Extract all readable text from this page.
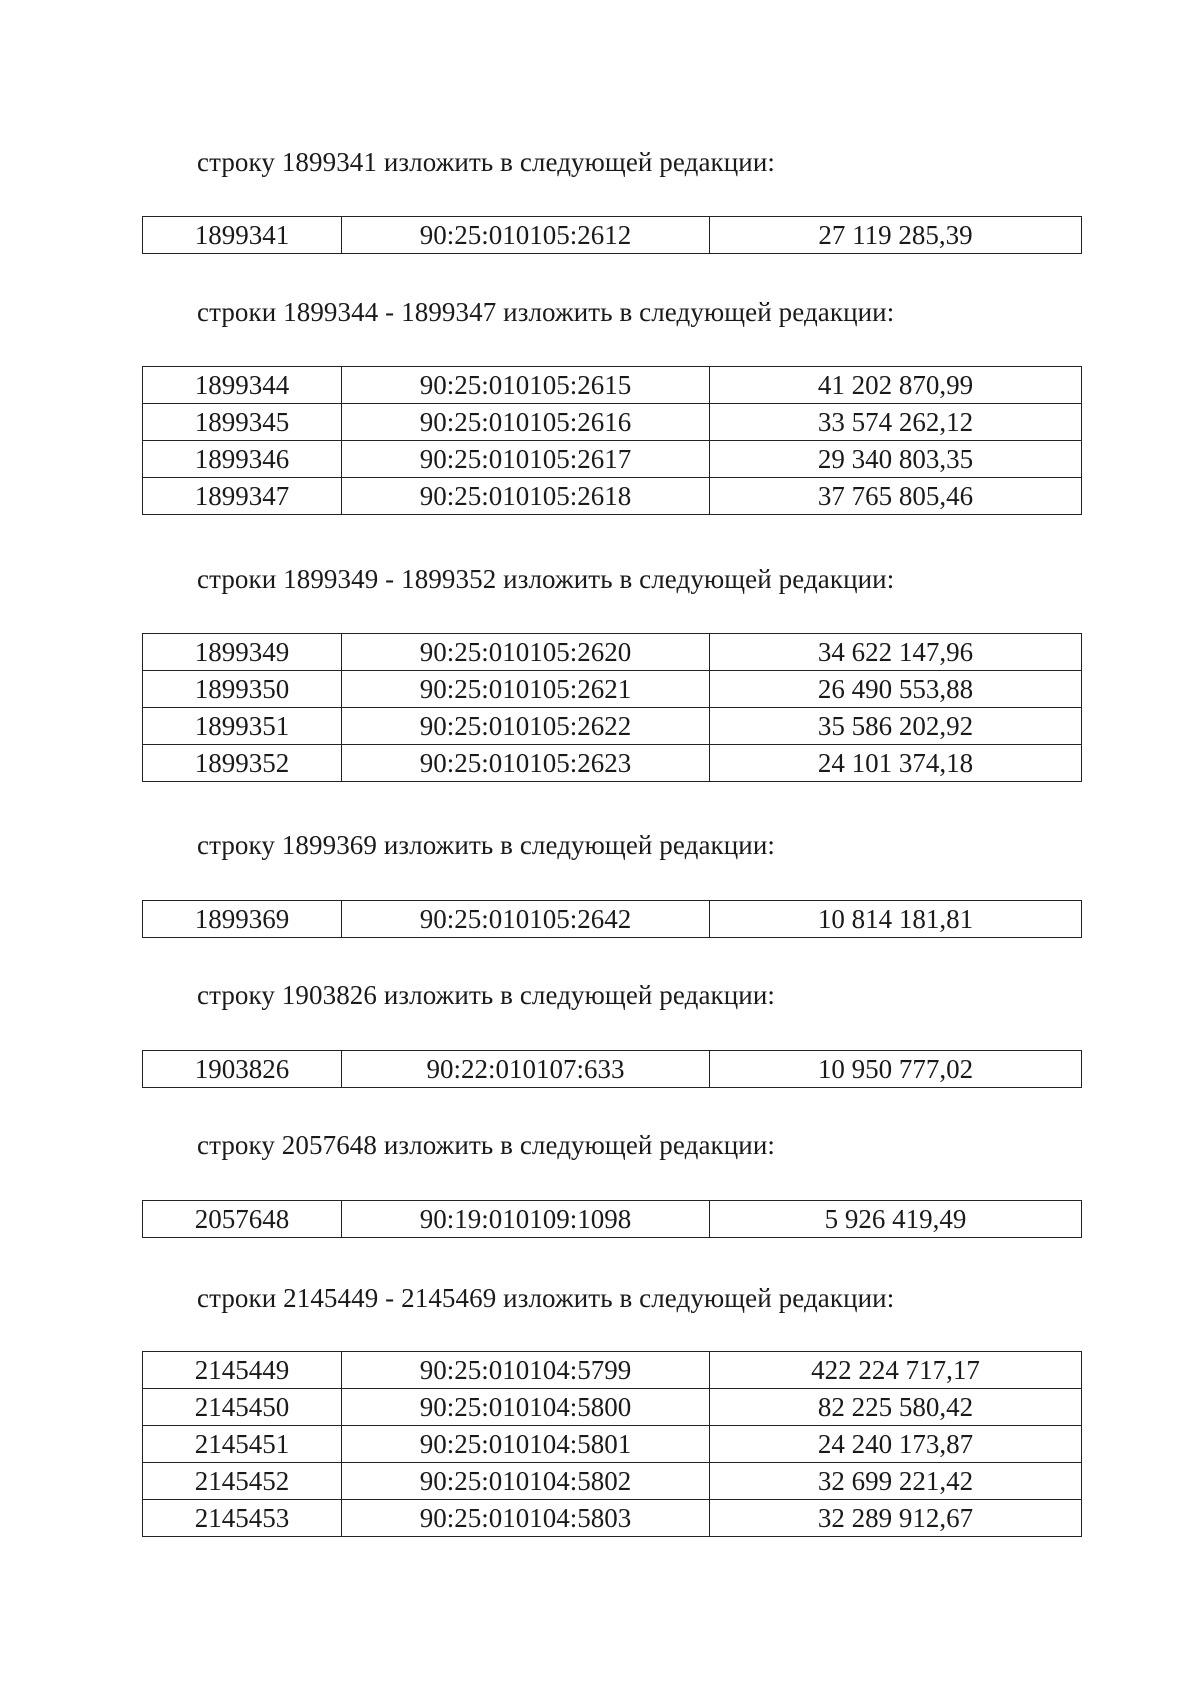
строку 1899341 изложить в следующей редакции:
1899341	90:25:010105:2612	27 119 285,39
строки 1899344 - 1899347 изложить в следующей редакции:
1899344	90:25:010105:2615	41 202 870,99
1899345	90:25:010105:2616	33 574 262,12
1899346	90:25:010105:2617	29 340 803,35
1899347	90:25:010105:2618	37 765 805,46
строки 1899349 - 1899352 изложить в следующей редакции:
1899349	90:25:010105:2620	34 622 147,96
1899350	90:25:010105:2621	26 490 553,88
1899351	90:25:010105:2622	35 586 202,92
1899352	90:25:010105:2623	24 101 374,18
строку 1899369 изложить в следующей редакции:
1899369	90:25:010105:2642	10 814 181,81
строку 1903826 изложить в следующей редакции:
1903826	90:22:010107:633	10 950 777,02
строку 2057648 изложить в следующей редакции:
2057648	90:19:010109:1098	5 926 419,49
строки 2145449 - 2145469 изложить в следующей редакции:
2145449	90:25:010104:5799	422 224 717,17
2145450	90:25:010104:5800	82 225 580,42
2145451	90:25:010104:5801	24 240 173,87
2145452	90:25:010104:5802	32 699 221,42
2145453	90:25:010104:5803	32 289 912,67
